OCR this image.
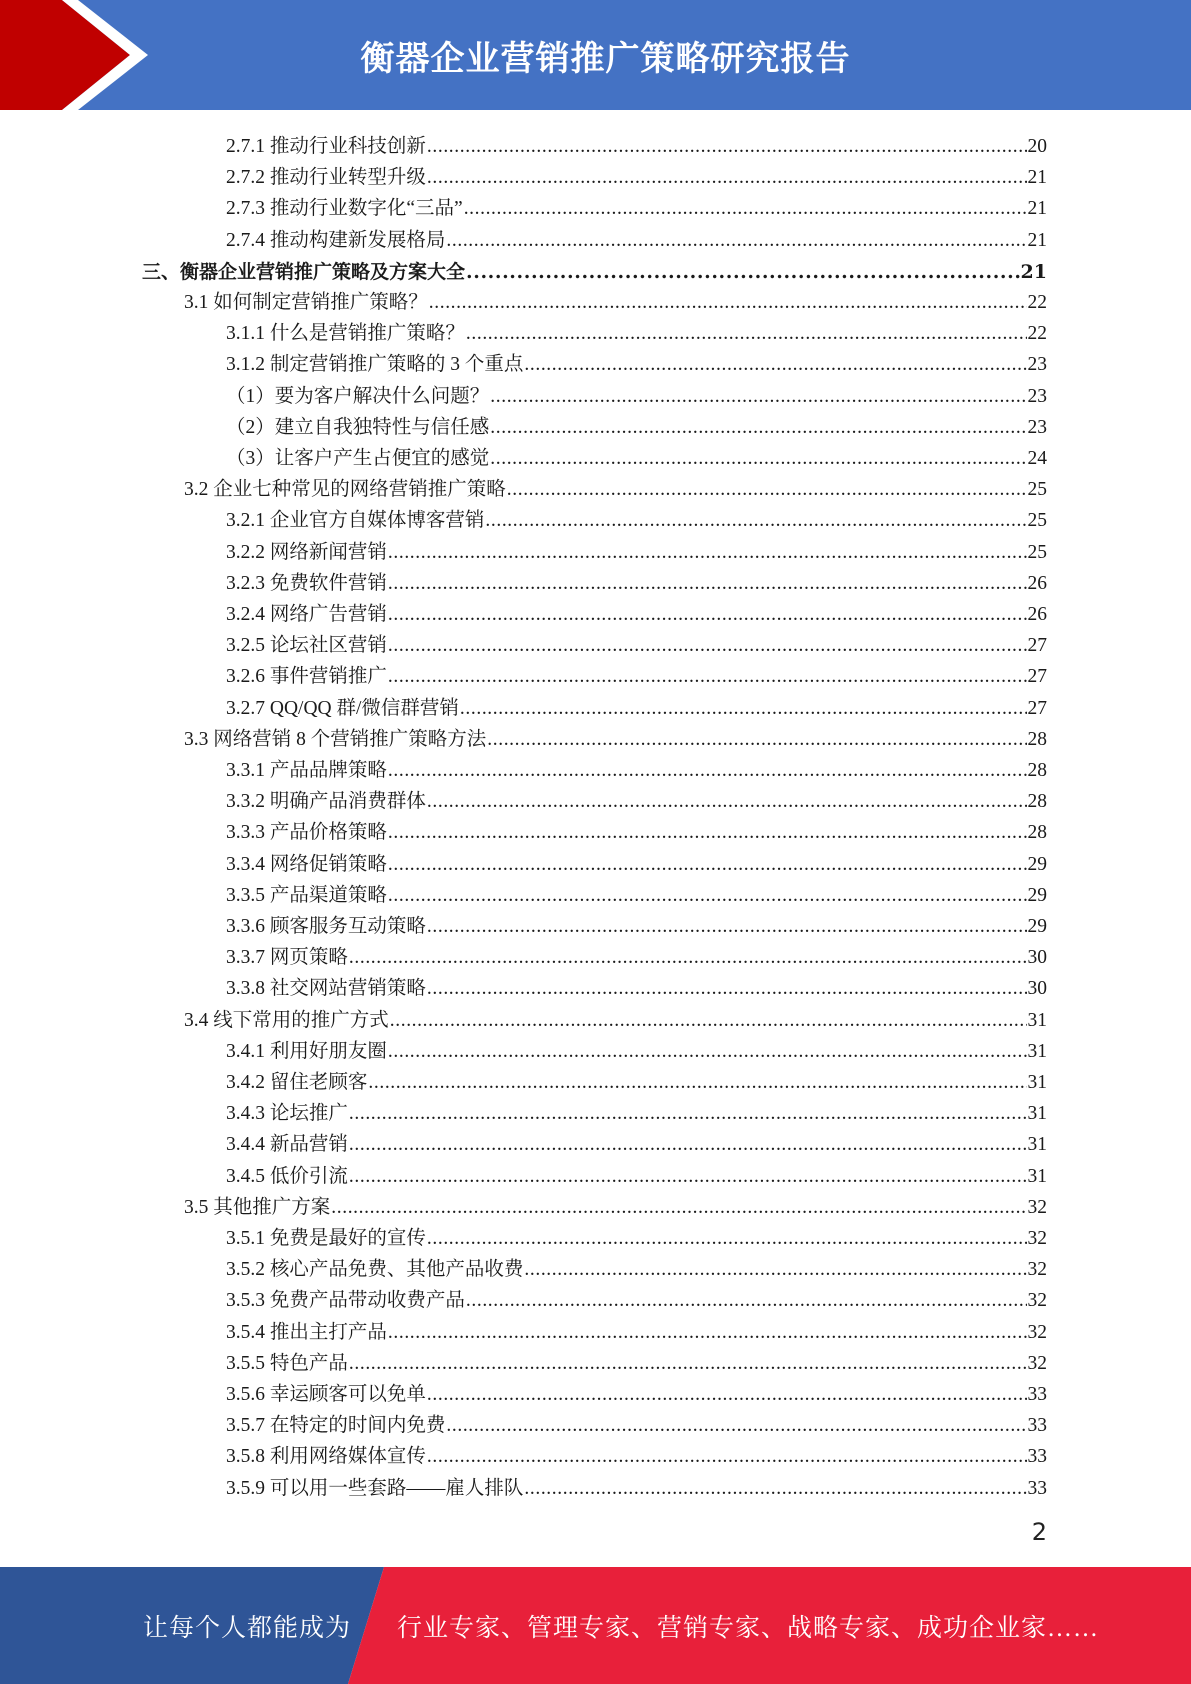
衡器企业营销推广策略研究报告
2.7.1 推动行业科技创新 .....	20
2.7.2 推动行业转型升级 .....	21
2.7.3 推动行业数字化“三品” .....	21
2.7.4 推动构建新发展格局 .....	21
三、衡器企业营销推广策略及方案大全 .....	21
3.1 如何制定营销推广策略？ .....	22
3.1.1 什么是营销推广策略？ .....	22
3.1.2 制定营销推广策略的 3 个重点 .....	23
（1）要为客户解决什么问题？ .....	23
（2）建立自我独特性与信任感 .....	23
（3）让客户产生占便宜的感觉 .....	24
3.2 企业七种常见的网络营销推广策略 .....	25
3.2.1 企业官方自媒体博客营销 .....	25
3.2.2 网络新闻营销 .....	25
3.2.3 免费软件营销 .....	26
3.2.4 网络广告营销 .....	26
3.2.5 论坛社区营销 .....	27
3.2.6 事件营销推广 .....	27
3.2.7 QQ/QQ 群/微信群营销 .....	27
3.3 网络营销 8 个营销推广策略方法 .....	28
3.3.1 产品品牌策略 .....	28
3.3.2 明确产品消费群体 .....	28
3.3.3 产品价格策略 .....	28
3.3.4 网络促销策略 .....	29
3.3.5 产品渠道策略 .....	29
3.3.6 顾客服务互动策略 .....	29
3.3.7 网页策略 .....	30
3.3.8 社交网站营销策略 .....	30
3.4 线下常用的推广方式 .....	31
3.4.1 利用好朋友圈 .....	31
3.4.2 留住老顾客 .....	31
3.4.3 论坛推广 .....	31
3.4.4 新品营销 .....	31
3.4.5 低价引流 .....	31
3.5 其他推广方案 .....	32
3.5.1 免费是最好的宣传 .....	32
3.5.2 核心产品免费、其他产品收费 .....	32
3.5.3 免费产品带动收费产品 .....	32
3.5.4 推出主打产品 .....	32
3.5.5 特色产品 .....	32
3.5.6 幸运顾客可以免单 .....	33
3.5.7 在特定的时间内免费 .....	33
3.5.8 利用网络媒体宣传 .....	33
3.5.9 可以用一些套路——雇人排队 .....	33
2
让每个人都能成为 行业专家、管理专家、营销专家、战略专家、成功企业家……
